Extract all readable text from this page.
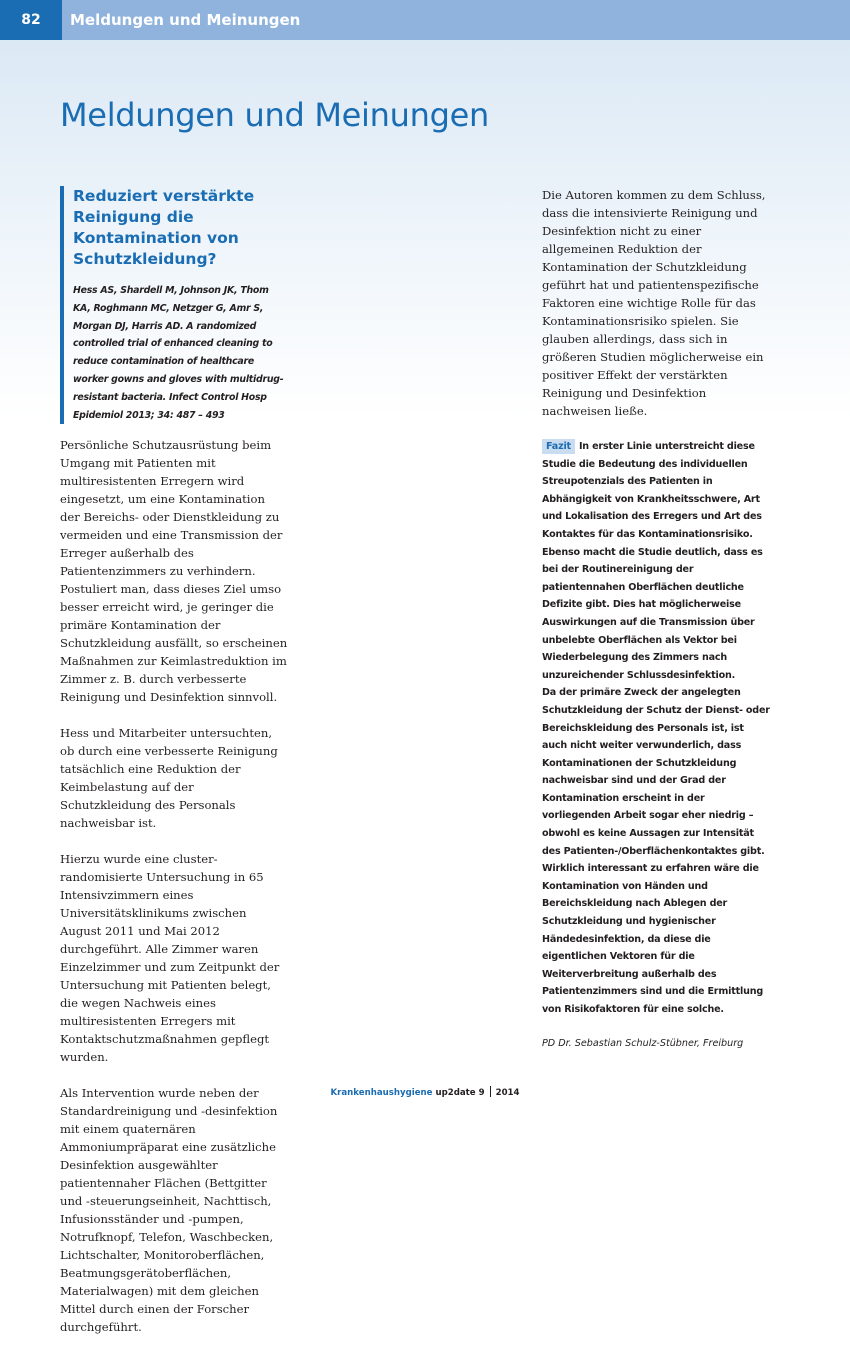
82	Meldungen und Meinungen
Meldungen und Meinungen
Reduziert verstärkte Reinigung die Kontamination von Schutzkleidung?

Hess AS, Shardell M, Johnson JK, Thom KA, Roghmann MC, Netzger G, Amr S, Morgan DJ, Harris AD. A randomized controlled trial of enhanced cleaning to reduce contamination of healthcare worker gowns and gloves with multidrug-resistant bacteria. Infect Control Hosp Epidemiol 2013; 34: 487 – 493

Persönliche Schutzausrüstung beim Umgang mit Patienten mit multiresistenten Erregern wird eingesetzt, um eine Kontamination der Bereichs- oder Dienstkleidung zu vermeiden und eine Transmission der Erreger außerhalb des Patientenzimmers zu verhindern. Postuliert man, dass dieses Ziel umso besser erreicht wird, je geringer die primäre Kontamination der Schutzkleidung ausfällt, so erscheinen Maßnahmen zur Keimlastreduktion im Zimmer z. B. durch verbesserte Reinigung und Desinfektion sinnvoll.

Hess und Mitarbeiter untersuchten, ob durch eine verbesserte Reinigung tatsächlich eine Reduktion der Keimbelastung auf der Schutzkleidung des Personals nachweisbar ist.

Hierzu wurde eine cluster-randomisierte Untersuchung in 65 Intensivzimmern eines Universitätsklinikums zwischen August 2011 und Mai 2012 durchgeführt. Alle Zimmer waren Einzelzimmer und zum Zeitpunkt der Untersuchung mit Patienten belegt, die wegen Nachweis eines multiresistenten Erregers mit Kontaktschutzmaßnahmen gepflegt wurden.

Als Intervention wurde neben der Standardreinigung und -desinfektion mit einem quaternären Ammoniumpräparat eine zusätzliche Desinfektion ausgewählter patientennaher Flächen (Bettgitter und -steuerungseinheit, Nachttisch, Infusionsständer und -pumpen, Notrufknopf, Telefon, Waschbecken, Lichtschalter, Monitoroberflächen, Beatmungsgerätoberflächen, Materialwagen) mit dem gleichen Mittel durch einen der Forscher durchgeführt.

Die Autoren kommen zu dem Schluss, dass die intensivierte Reinigung und Desinfektion nicht zu einer allgemeinen Reduktion der Kontamination der Schutzkleidung geführt hat und patientenspezifische Faktoren eine wichtige Rolle für das Kontaminationsrisiko spielen. Sie glauben allerdings, dass sich in größeren Studien möglicherweise ein positiver Effekt der verstärkten Reinigung und Desinfektion nachweisen ließe.

Fazit In erster Linie unterstreicht diese Studie die Bedeutung des individuellen Streupotenzials des Patienten in Abhängigkeit von Krankheitsschwere, Art und Lokalisation des Erregers und Art des Kontaktes für das Kontaminationsrisiko. Ebenso macht die Studie deutlich, dass es bei der Routinereinigung der patientennahen Oberflächen deutliche Defizite gibt. Dies hat möglicherweise Auswirkungen auf die Transmission über unbelebte Oberflächen als Vektor bei Wiederbelegung des Zimmers nach unzureichender Schlussdesinfektion.

Da der primäre Zweck der angelegten Schutzkleidung der Schutz der Dienst- oder Bereichskleidung des Personals ist, ist auch nicht weiter verwunderlich, dass Kontaminationen der Schutzkleidung nachweisbar sind und der Grad der Kontamination erscheint in der vorliegenden Arbeit sogar eher niedrig – obwohl es keine Aussagen zur Intensität des Patienten-/Oberflächenkontaktes gibt. Wirklich interessant zu erfahren wäre die Kontamination von Händen und Bereichskleidung nach Ablegen der Schutzkleidung und hygienischer Händedesinfektion, da diese die eigentlichen Vektoren für die Weiterverbreitung außerhalb des Patientenzimmers sind und die Ermittlung von Risikofaktoren für eine solche.

PD Dr. Sebastian Schulz-Stübner, Freiburg

Krankenhaushygiene up2date 9 2014
